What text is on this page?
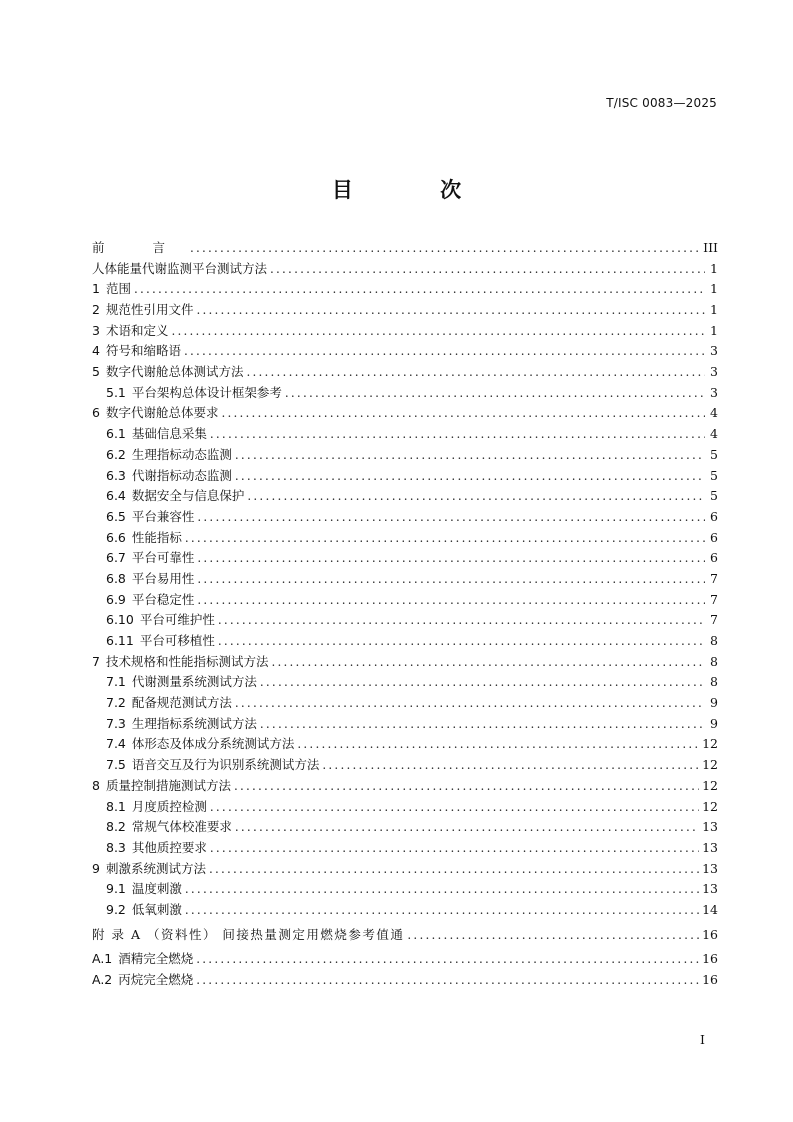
T/ISC 0083—2025
目 次
前 言 .....	III
人体能量代谢监测平台测试方法 .....	1
1 范围 .....	1
2 规范性引用文件 .....	1
3 术语和定义 .....	1
4 符号和缩略语 .....	3
5 数字代谢舱总体测试方法 .....	3
5.1 平台架构总体设计框架参考 .....	3
6 数字代谢舱总体要求 .....	4
6.1 基础信息采集 .....	4
6.2 生理指标动态监测 .....	5
6.3 代谢指标动态监测 .....	5
6.4 数据安全与信息保护 .....	5
6.5 平台兼容性 .....	6
6.6 性能指标 .....	6
6.7 平台可靠性 .....	6
6.8 平台易用性 .....	7
6.9 平台稳定性 .....	7
6.10 平台可维护性 .....	7
6.11 平台可移植性 .....	8
7 技术规格和性能指标测试方法 .....	8
7.1 代谢测量系统测试方法 .....	8
7.2 配备规范测试方法 .....	9
7.3 生理指标系统测试方法 .....	9
7.4 体形态及体成分系统测试方法 .....	12
7.5 语音交互及行为识别系统测试方法 .....	12
8 质量控制措施测试方法 .....	12
8.1 月度质控检测 .....	12
8.2 常规气体校准要求 .....	13
8.3 其他质控要求 .....	13
9 刺激系统测试方法 .....	13
9.1 温度刺激 .....	13
9.2 低氧刺激 .....	14
附 录 A （资料性） 间接热量测定用燃烧参考值通 .....	16
A.1 酒精完全燃烧 .....	16
A.2 丙烷完全燃烧 .....	16
I
